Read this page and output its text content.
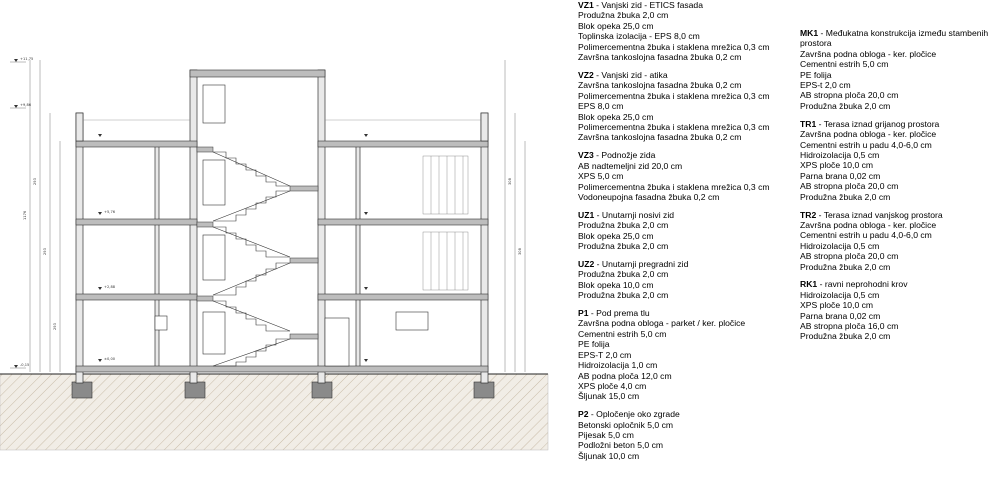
+11,75
+9,86
+5,76
+2,88
±0,00
-0,15
293
293
293
308
308
1176
VZ1 - Vanjski zid - ETICS fasada
Produžna žbuka 2,0 cm
Blok opeka 25,0 cm
Toplinska izolacija - EPS 8,0 cm
Polimercementna žbuka i staklena mrežica 0,3 cm
Završna tankoslojna fasadna žbuka 0,2 cm
VZ2 - Vanjski zid - atika
Završna tankoslojna fasadna žbuka 0,2 cm
Polimercementna žbuka i staklena mrežica 0,3 cm
EPS 8,0 cm
Blok opeka 25,0 cm
Polimercementna žbuka i staklena mrežica 0,3 cm
Završna tankoslojna fasadna žbuka 0,2 cm
VZ3 - Podnožje zida
AB nadtemeljni zid 20,0 cm
XPS 5,0 cm
Polimercementna žbuka i staklena mrežica 0,3 cm
Vodoneupojna fasadna žbuka 0,2 cm
UZ1 - Unutarnji nosivi zid
Produžna žbuka 2,0 cm
Blok opeka 25,0 cm
Produžna žbuka 2,0 cm
UZ2 - Unutarnji pregradni zid
Produžna žbuka 2,0 cm
Blok opeka 10,0 cm
Produžna žbuka 2,0 cm
P1 - Pod prema tlu
Završna podna obloga - parket / ker. pločice
Cementni estrih 5,0 cm
PE folija
EPS-T 2,0 cm
Hidroizolacija 1,0 cm
AB podna ploča 12,0 cm
XPS ploče 4,0 cm
Šljunak 15,0 cm
P2 - Opločenje oko zgrade
Betonski opločnik 5,0 cm
Pijesak 5,0 cm
Podložni beton 5,0 cm
Šljunak 10,0 cm
MK1 - Međukatna konstrukcija između stambenih prostora
Završna podna obloga - ker. pločice
Cementni estrih 5,0 cm
PE folija
EPS-t 2,0 cm
AB stropna ploča 20,0 cm
Produžna žbuka 2,0 cm
TR1 - Terasa iznad grijanog prostora
Završna podna obloga - ker. pločice
Cementni estrih u padu 4,0-6,0 cm
Hidroizolacija 0,5 cm
XPS ploče 10,0 cm
Parna brana 0,02 cm
AB stropna ploča 20,0 cm
Produžna žbuka 2,0 cm
TR2 - Terasa iznad vanjskog prostora
Završna podna obloga - ker. pločice
Cementni estrih u padu 4,0-6,0 cm
Hidroizolacija 0,5 cm
AB stropna ploča 20,0 cm
Produžna žbuka 2,0 cm
RK1 - ravni neprohodni krov
Hidroizolacija 0,5 cm
XPS ploče 10,0 cm
Parna brana 0,02 cm
AB stropna ploča 16,0 cm
Produžna žbuka 2,0 cm
